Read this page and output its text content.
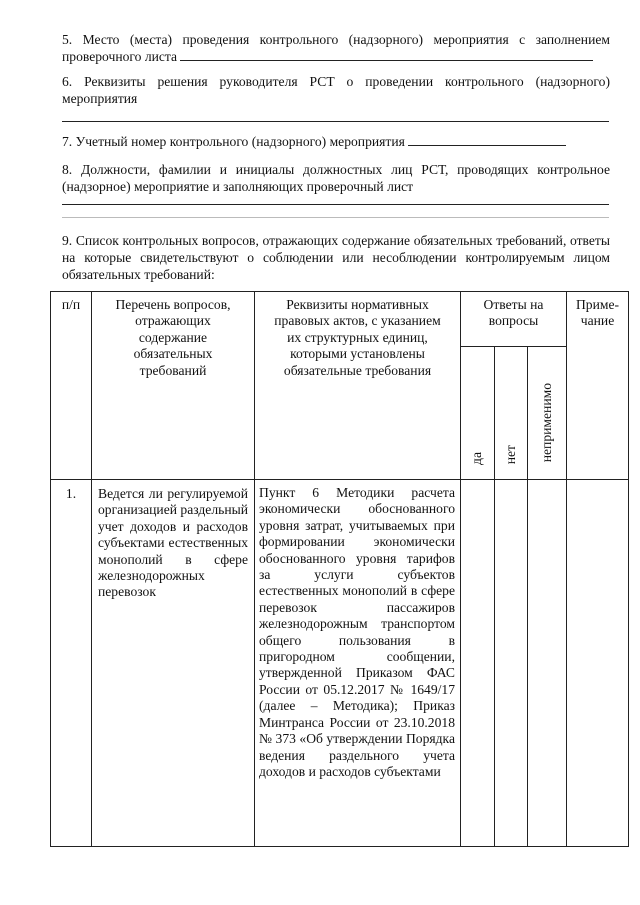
5. Место (места) проведения контрольного (надзорного) мероприятия с заполнением проверочного листа
6. Реквизиты решения руководителя РСТ о проведении контрольного (надзорного) мероприятия
7. Учетный номер контрольного (надзорного) мероприятия
8. Должности, фамилии и инициалы должностных лиц РСТ, проводящих контрольное (надзорное) мероприятие и заполняющих проверочный лист
9. Список контрольных вопросов, отражающих содержание обязательных требований, ответы на которые свидетельствуют о соблюдении или несоблюдении контролируемым лицом обязательных требований:
п/п	Перечень вопросов, отражающих содержание обязательных требований	Реквизиты нормативных правовых актов, с указанием их структурных единиц, которыми установлены обязательные требования	Ответы на вопросы			Приме-чание
			да	нет	неприменимо	
1.	Ведется ли регулируемой организацией раздельный учет доходов и расходов субъектами естественных монополий в сфере железнодорожных перевозок	Пункт 6 Методики расчета экономически обоснованного уровня затрат, учитываемых при формировании экономически обоснованного уровня тарифов за услуги субъектов естественных монополий в сфере перевозок пассажиров железнодорожным транспортом общего пользования в пригородном сообщении, утвержденной Приказом ФАС России от 05.12.2017 № 1649/17 (далее – Методика); Приказ Минтранса России от 23.10.2018 № 373 «Об утверждении Порядка ведения раздельного учета доходов и расходов субъектами				
